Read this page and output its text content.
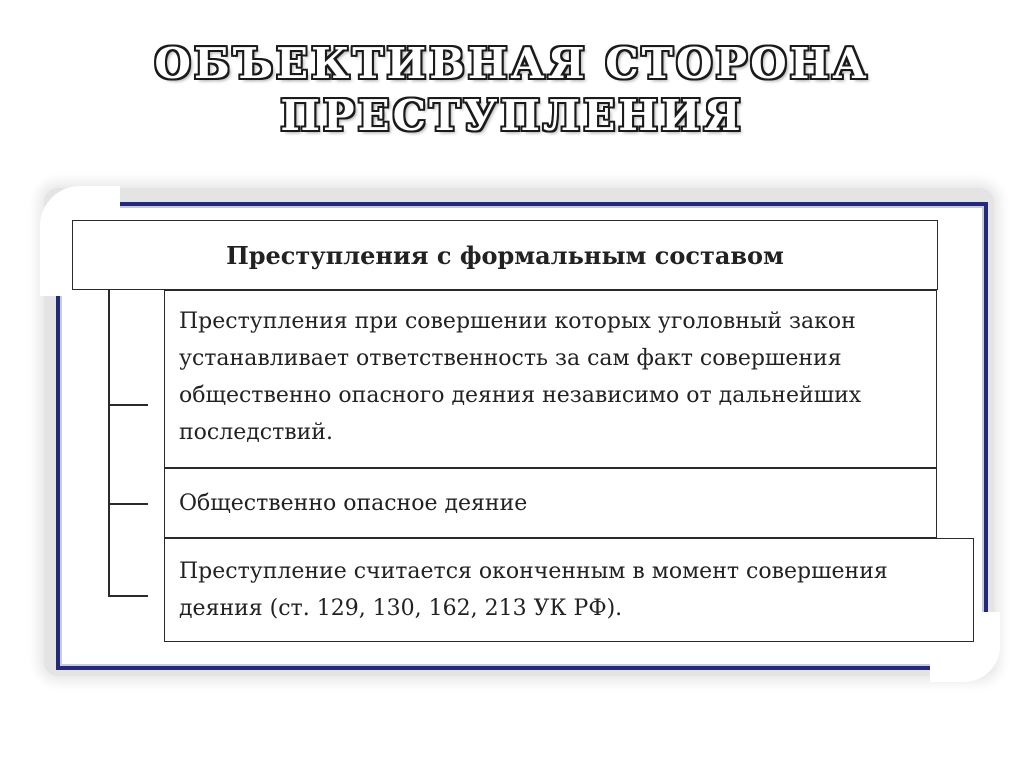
ОБЪЕКТИВНАЯ СТОРОНА
ПРЕСТУПЛЕНИЯ
Преступления с формальным составом
Преступления при совершении которых уголовный закон устанавливает ответственность за сам факт совершения общественно опасного деяния независимо от дальнейших последствий.
Общественно опасное деяние
Преступление считается оконченным в момент совершения деяния (ст. 129, 130, 162, 213 УК РФ).
